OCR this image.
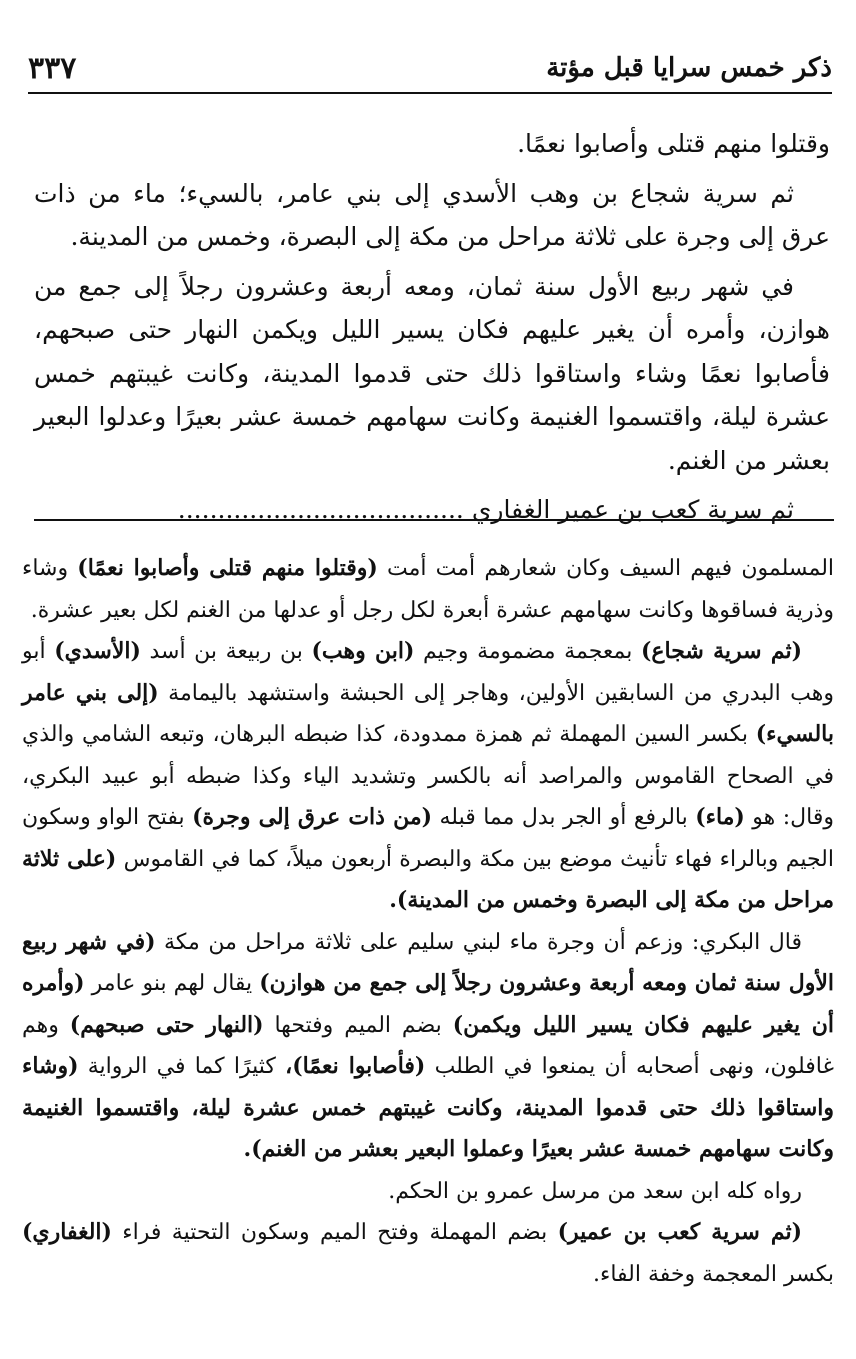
ذكر خمس سرايا قبل مؤتة
٣٣٧

وقتلوا منهم قتلى وأصابوا نعمًا.

ثم سرية شجاع بن وهب الأسدي إلى بني عامر، بالسيء؛ ماء من ذات عرق إلى وجرة على ثلاثة مراحل من مكة إلى البصرة، وخمس من المدينة.

في شهر ربيع الأول سنة ثمان، ومعه أربعة وعشرون رجلاً إلى جمع من هوازن، وأمره أن يغير عليهم فكان يسير الليل ويكمن النهار حتى صبحهم، فأصابوا نعمًا وشاء واستاقوا ذلك حتى قدموا المدينة، وكانت غيبتهم خمس عشرة ليلة، واقتسموا الغنيمة وكانت سهامهم خمسة عشر بعيرًا وعدلوا البعير بعشر من الغنم.

ثم سرية كعب بن عمير الغفاري ....................................

المسلمون فيهم السيف وكان شعارهم أمت أمت (وقتلوا منهم قتلى وأصابوا نعمًا) وشاء وذرية فساقوها وكانت سهامهم عشرة أبعرة لكل رجل أو عدلها من الغنم لكل بعير عشرة.

(ثم سرية شجاع) بمعجمة مضمومة وجيم (ابن وهب) بن ربيعة بن أسد (الأسدي) أبو وهب البدري من السابقين الأولين، وهاجر إلى الحبشة واستشهد باليمامة (إلى بني عامر بالسيء) بكسر السين المهملة ثم همزة ممدودة، كذا ضبطه البرهان، وتبعه الشامي والذي في الصحاح القاموس والمراصد أنه بالكسر وتشديد الياء وكذا ضبطه أبو عبيد البكري، وقال: هو (ماء) بالرفع أو الجر بدل مما قبله (من ذات عرق إلى وجرة) بفتح الواو وسكون الجيم وبالراء فهاء تأنيث موضع بين مكة والبصرة أربعون ميلاً، كما في القاموس (على ثلاثة مراحل من مكة إلى البصرة وخمس من المدينة).

قال البكري: وزعم أن وجرة ماء لبني سليم على ثلاثة مراحل من مكة (في شهر ربيع الأول سنة ثمان ومعه أربعة وعشرون رجلاً إلى جمع من هوازن) يقال لهم بنو عامر (وأمره أن يغير عليهم فكان يسير الليل ويكمن) بضم الميم وفتحها (النهار حتى صبحهم) وهم غافلون، ونهى أصحابه أن يمنعوا في الطلب (فأصابوا نعمًا)، كثيرًا كما في الرواية (وشاء واستاقوا ذلك حتى قدموا المدينة، وكانت غيبتهم خمس عشرة ليلة، واقتسموا الغنيمة وكانت سهامهم خمسة عشر بعيرًا وعملوا البعير بعشر من الغنم).

رواه كله ابن سعد من مرسل عمرو بن الحكم.

(ثم سرية كعب بن عمير) بضم المهملة وفتح الميم وسكون التحتية فراء (الغفاري) بكسر المعجمة وخفة الفاء.
